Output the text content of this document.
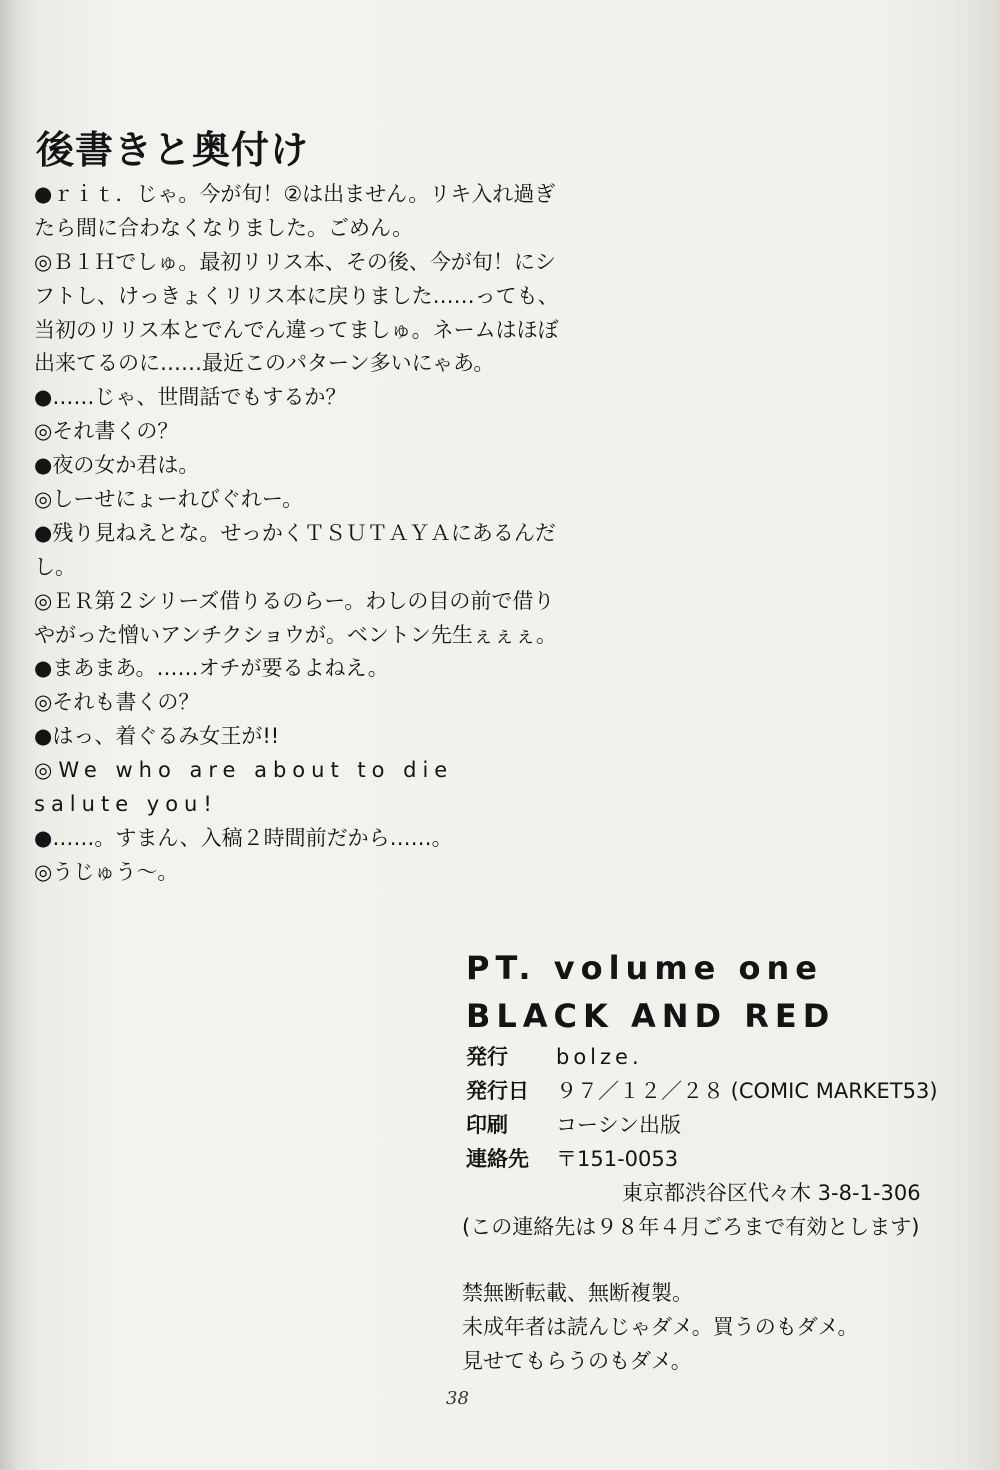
後書きと奥付け
●ｒｉｔ．じゃ。今が旬！②は出ません。リキ入れ過ぎ
たら間に合わなくなりました。ごめん。
◎Ｂ１Ｈでしゅ。最初リリス本、その後、今が旬！にシ
フトし、けっきょくリリス本に戻りました……っても、
当初のリリス本とでんでん違ってましゅ。ネームはほぼ
出来てるのに……最近このパターン多いにゃあ。
●……じゃ、世間話でもするか？
◎それ書くの？
●夜の女か君は。
◎しーせにょーれびぐれー。
●残り見ねえとな。せっかくＴＳＵＴＡＹＡにあるんだ
し。
◎ＥＲ第２シリーズ借りるのらー。わしの目の前で借り
やがった憎いアンチクショウが。ベントン先生ぇぇぇ。
●まあまあ。……オチが要るよねえ。
◎それも書くの？
●はっ、着ぐるみ女王が!!
◎We who are about to die
salute you!
●……。すまん、入稿２時間前だから……。
◎うじゅう～。
PT. volume one
BLACK AND RED
発行 bolze.
発行日 ９７／１２／２８ (COMIC MARKET53)
印刷 コーシン出版
連絡先 〒151-0053
東京都渋谷区代々木 3-8-1-306
(この連絡先は９８年４月ごろまで有効とします)
禁無断転載、無断複製。
未成年者は読んじゃダメ。買うのもダメ。
見せてもらうのもダメ。
38
